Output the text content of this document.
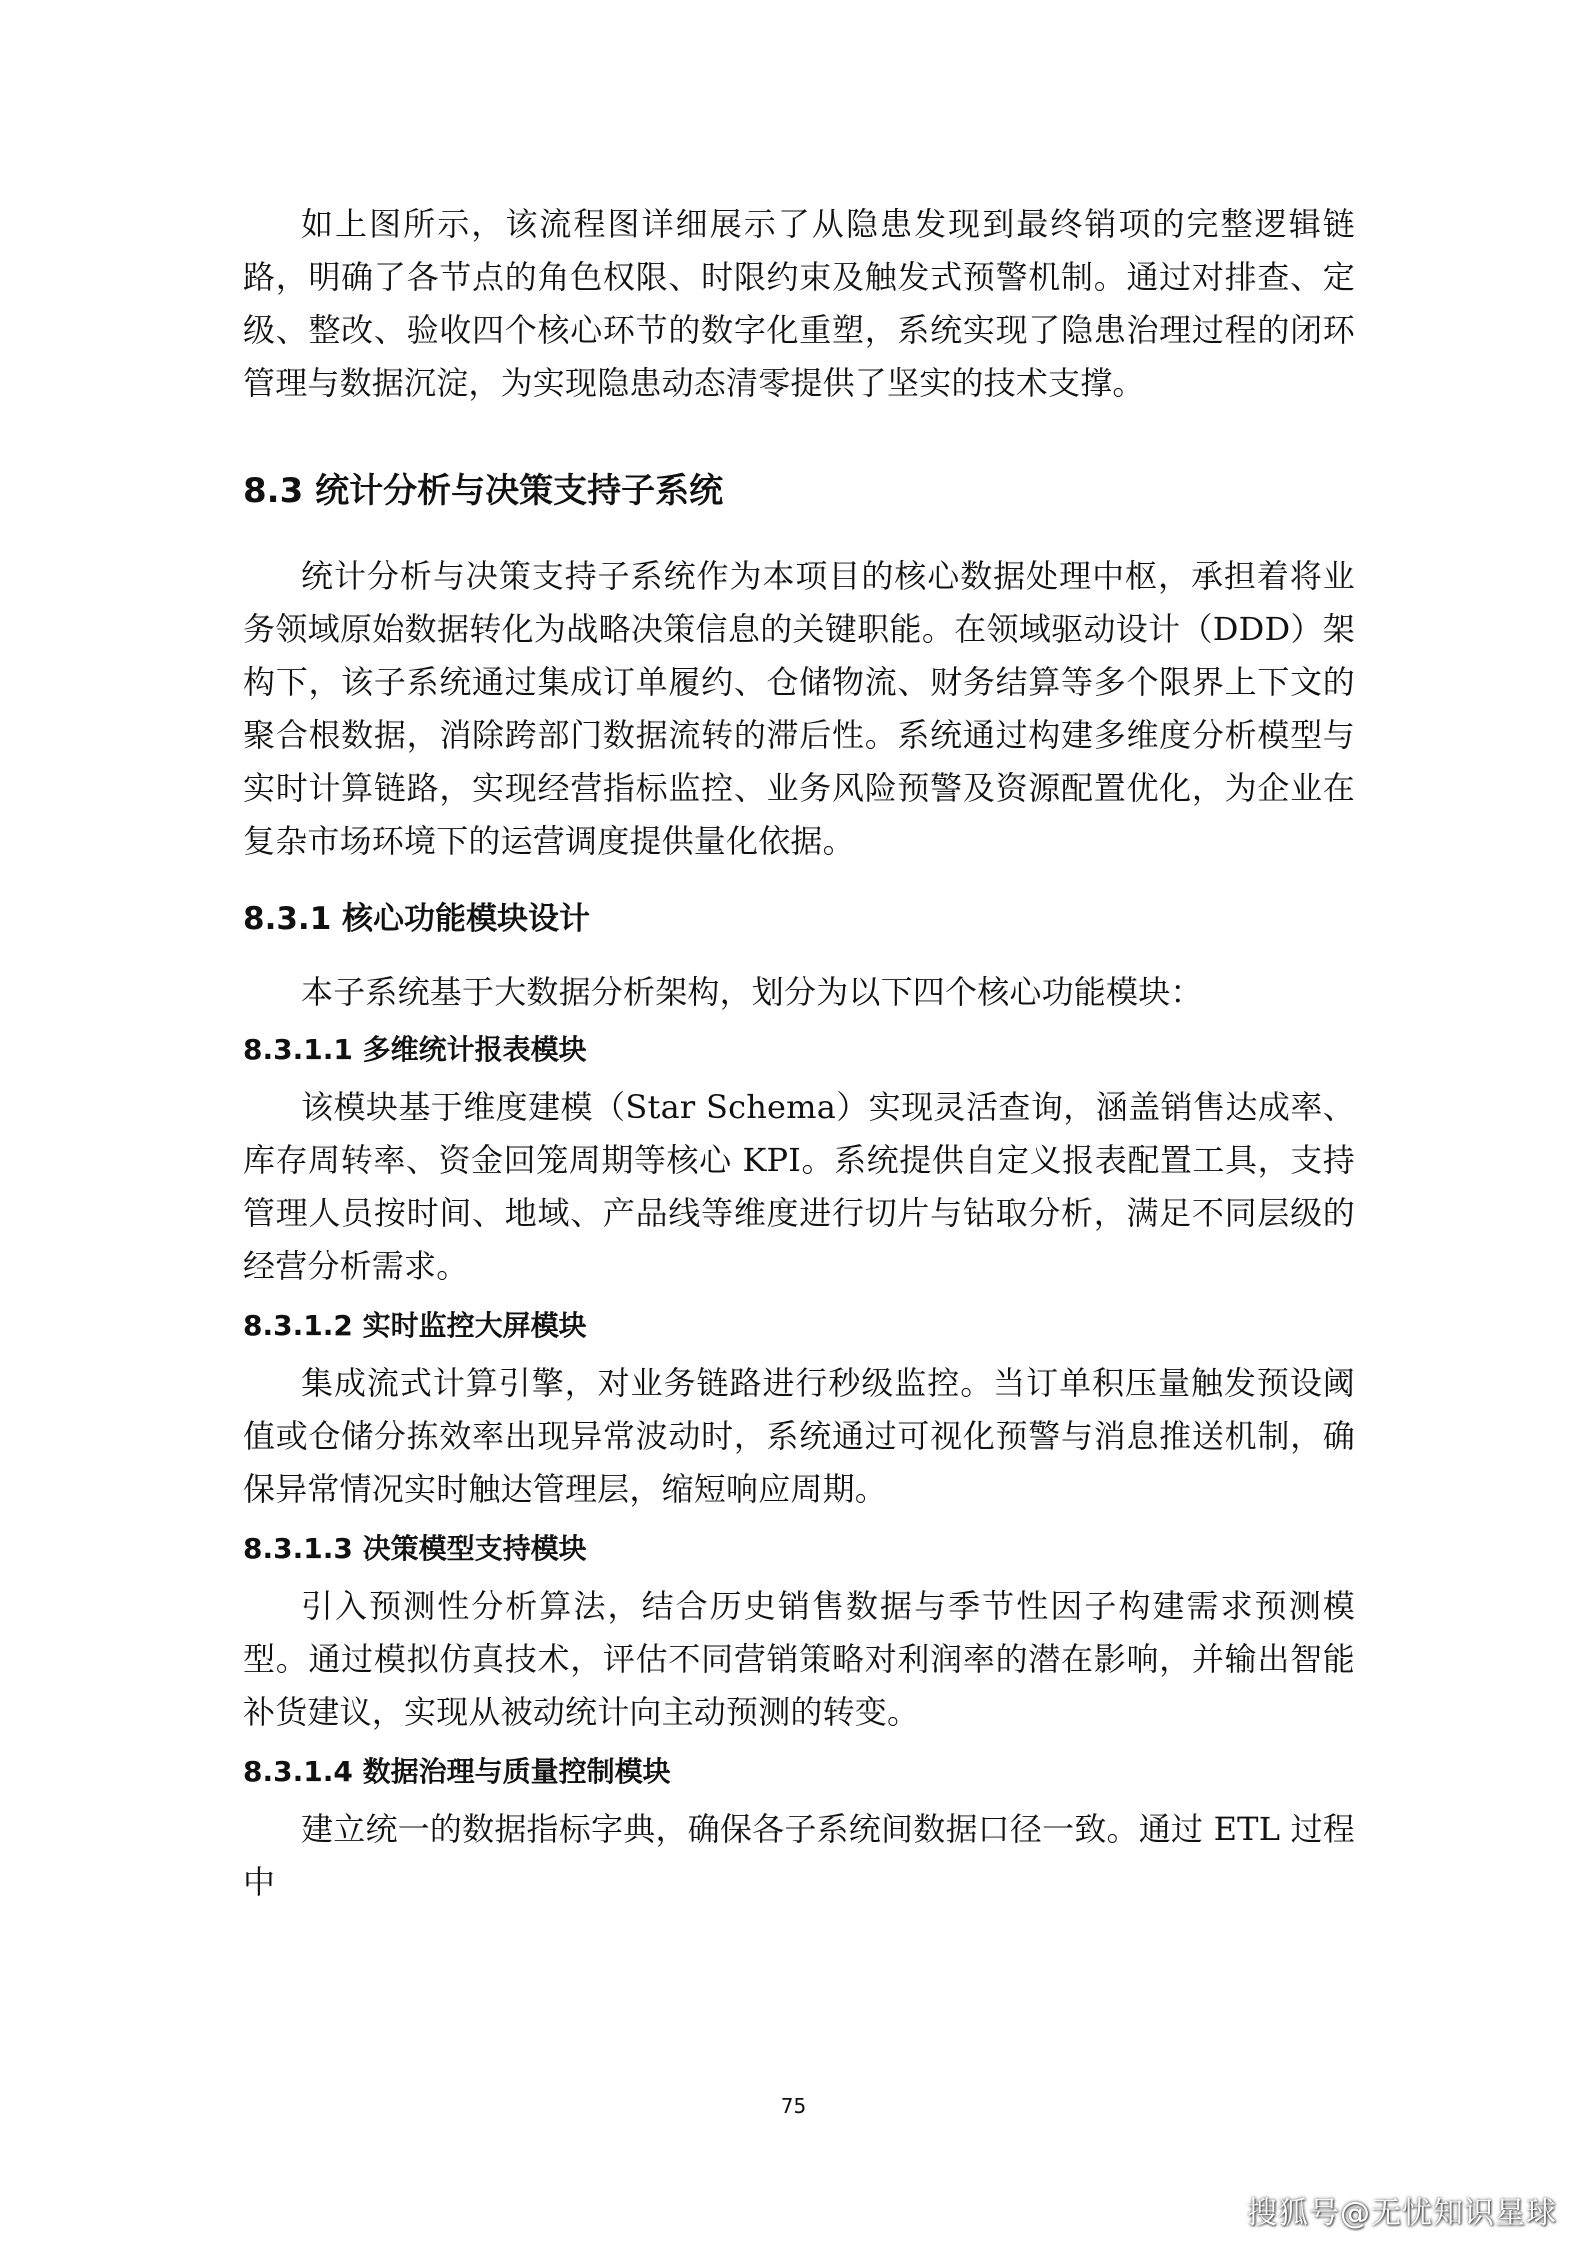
如上图所示，该流程图详细展示了从隐患发现到最终销项的完整逻辑链路，明确了各节点的角色权限、时限约束及触发式预警机制。通过对排查、定级、整改、验收四个核心环节的数字化重塑，系统实现了隐患治理过程的闭环管理与数据沉淀，为实现隐患动态清零提供了坚实的技术支撑。

8.3 统计分析与决策支持子系统

统计分析与决策支持子系统作为本项目的核心数据处理中枢，承担着将业务领域原始数据转化为战略决策信息的关键职能。在领域驱动设计（DDD）架构下，该子系统通过集成订单履约、仓储物流、财务结算等多个限界上下文的聚合根数据，消除跨部门数据流转的滞后性。系统通过构建多维度分析模型与实时计算链路，实现经营指标监控、业务风险预警及资源配置优化，为企业在复杂市场环境下的运营调度提供量化依据。

8.3.1 核心功能模块设计

本子系统基于大数据分析架构，划分为以下四个核心功能模块：

8.3.1.1 多维统计报表模块

该模块基于维度建模（Star Schema）实现灵活查询，涵盖销售达成率、库存周转率、资金回笼周期等核心 KPI。系统提供自定义报表配置工具，支持管理人员按时间、地域、产品线等维度进行切片与钻取分析，满足不同层级的经营分析需求。

8.3.1.2 实时监控大屏模块

集成流式计算引擎，对业务链路进行秒级监控。当订单积压量触发预设阈值或仓储分拣效率出现异常波动时，系统通过可视化预警与消息推送机制，确保异常情况实时触达管理层，缩短响应周期。

8.3.1.3 决策模型支持模块

引入预测性分析算法，结合历史销售数据与季节性因子构建需求预测模型。通过模拟仿真技术，评估不同营销策略对利润率的潜在影响，并输出智能补货建议，实现从被动统计向主动预测的转变。

8.3.1.4 数据治理与质量控制模块

建立统一的数据指标字典，确保各子系统间数据口径一致。通过 ETL 过程中

75
搜狐号@无忧知识星球
